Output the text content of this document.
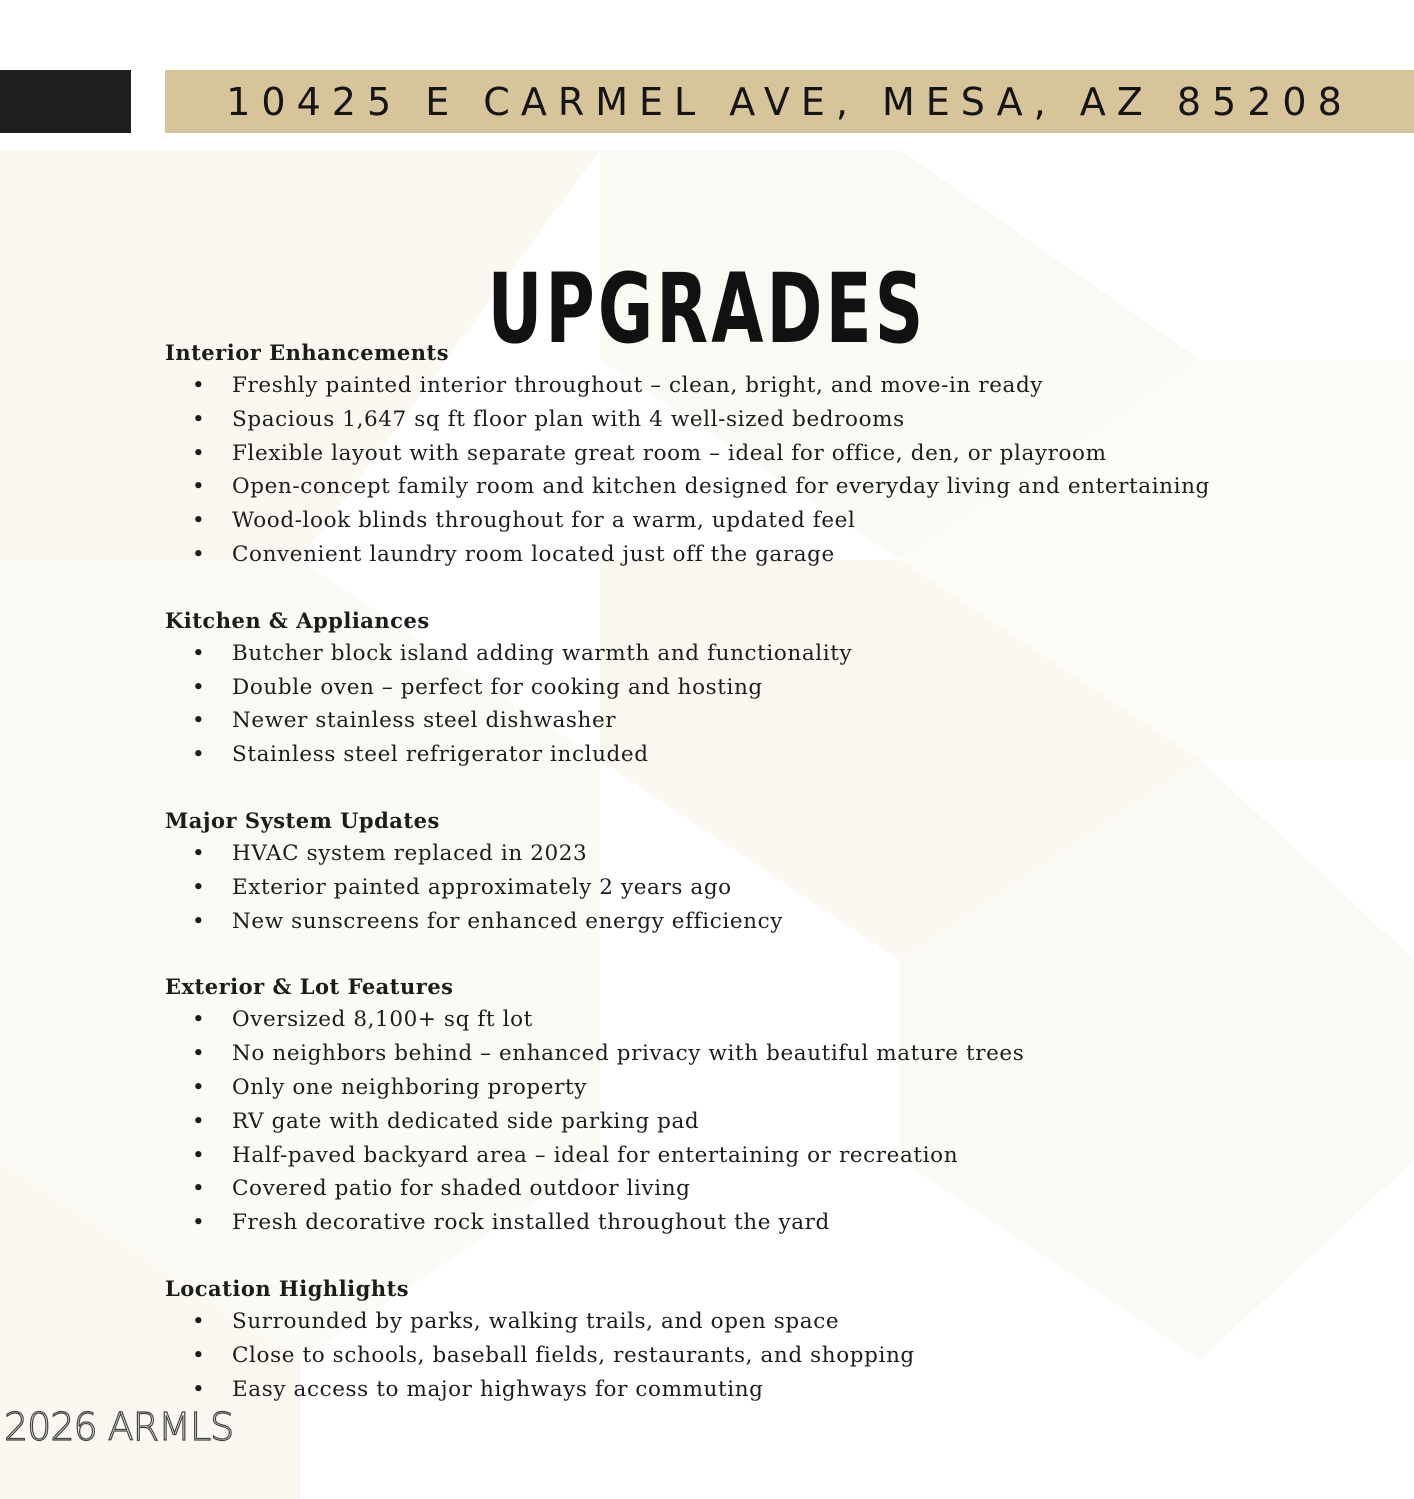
10425 E CARMEL AVE, MESA, AZ 85208
UPGRADES
Interior Enhancements
• Freshly painted interior throughout – clean, bright, and move-in ready
• Spacious 1,647 sq ft floor plan with 4 well-sized bedrooms
• Flexible layout with separate great room – ideal for office, den, or playroom
• Open-concept family room and kitchen designed for everyday living and entertaining
• Wood-look blinds throughout for a warm, updated feel
• Convenient laundry room located just off the garage
Kitchen & Appliances
• Butcher block island adding warmth and functionality
• Double oven – perfect for cooking and hosting
• Newer stainless steel dishwasher
• Stainless steel refrigerator included
Major System Updates
• HVAC system replaced in 2023
• Exterior painted approximately 2 years ago
• New sunscreens for enhanced energy efficiency
Exterior & Lot Features
• Oversized 8,100+ sq ft lot
• No neighbors behind – enhanced privacy with beautiful mature trees
• Only one neighboring property
• RV gate with dedicated side parking pad
• Half-paved backyard area – ideal for entertaining or recreation
• Covered patio for shaded outdoor living
• Fresh decorative rock installed throughout the yard
Location Highlights
• Surrounded by parks, walking trails, and open space
• Close to schools, baseball fields, restaurants, and shopping
• Easy access to major highways for commuting
2026 ARMLS
